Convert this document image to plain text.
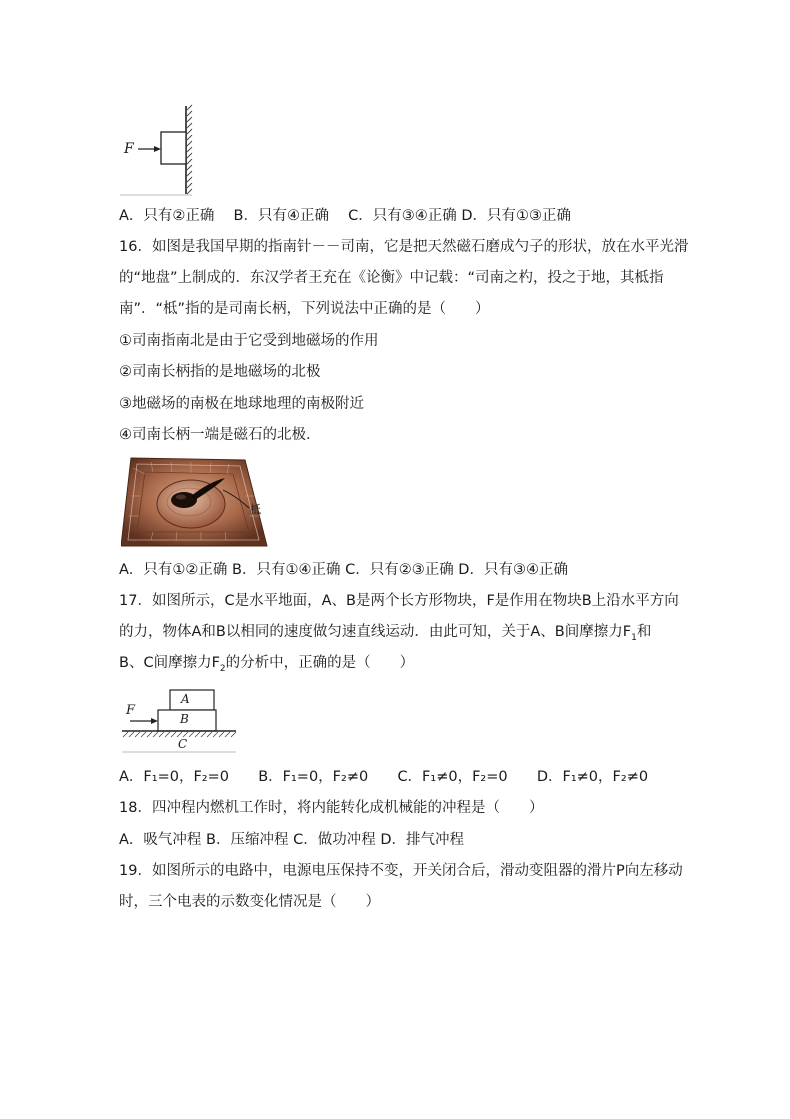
F
A．只有②正确　 B．只有④正确　 C．只有③④正确 D．只有①③正确
16．如图是我国早期的指南针－－司南，它是把天然磁石磨成勺子的形状，放在水平光滑
的“地盘”上制成的．东汉学者王充在《论衡》中记载：“司南之杓，投之于地，其柢指
南”．“柢”指的是司南长柄，下列说法中正确的是（　　）
①司南指南北是由于它受到地磁场的作用
②司南长柄指的是地磁场的北极
③地磁场的南极在地球地理的南极附近
④司南长柄一端是磁石的北极．
柢
A．只有①②正确 B．只有①④正确 C．只有②③正确 D．只有③④正确
17．如图所示，C是水平地面，A、B是两个长方形物块，F是作用在物块B上沿水平方向
的力，物体A和B以相同的速度做匀速直线运动．由此可知，关于A、B间摩擦力$F_1$和
B、C间摩擦力$F_2$的分析中，正确的是（　　）
F
A
B
C
A．F₁=0，F₂=0 B．F₁=0，F₂≠0 C．F₁≠0，F₂=0 D．F₁≠0，F₂≠0
18．四冲程内燃机工作时，将内能转化成机械能的冲程是（　　）
A．吸气冲程 B．压缩冲程 C．做功冲程 D．排气冲程
19．如图所示的电路中，电源电压保持不变，开关闭合后，滑动变阻器的滑片P向左移动
时，三个电表的示数变化情况是（　　）
